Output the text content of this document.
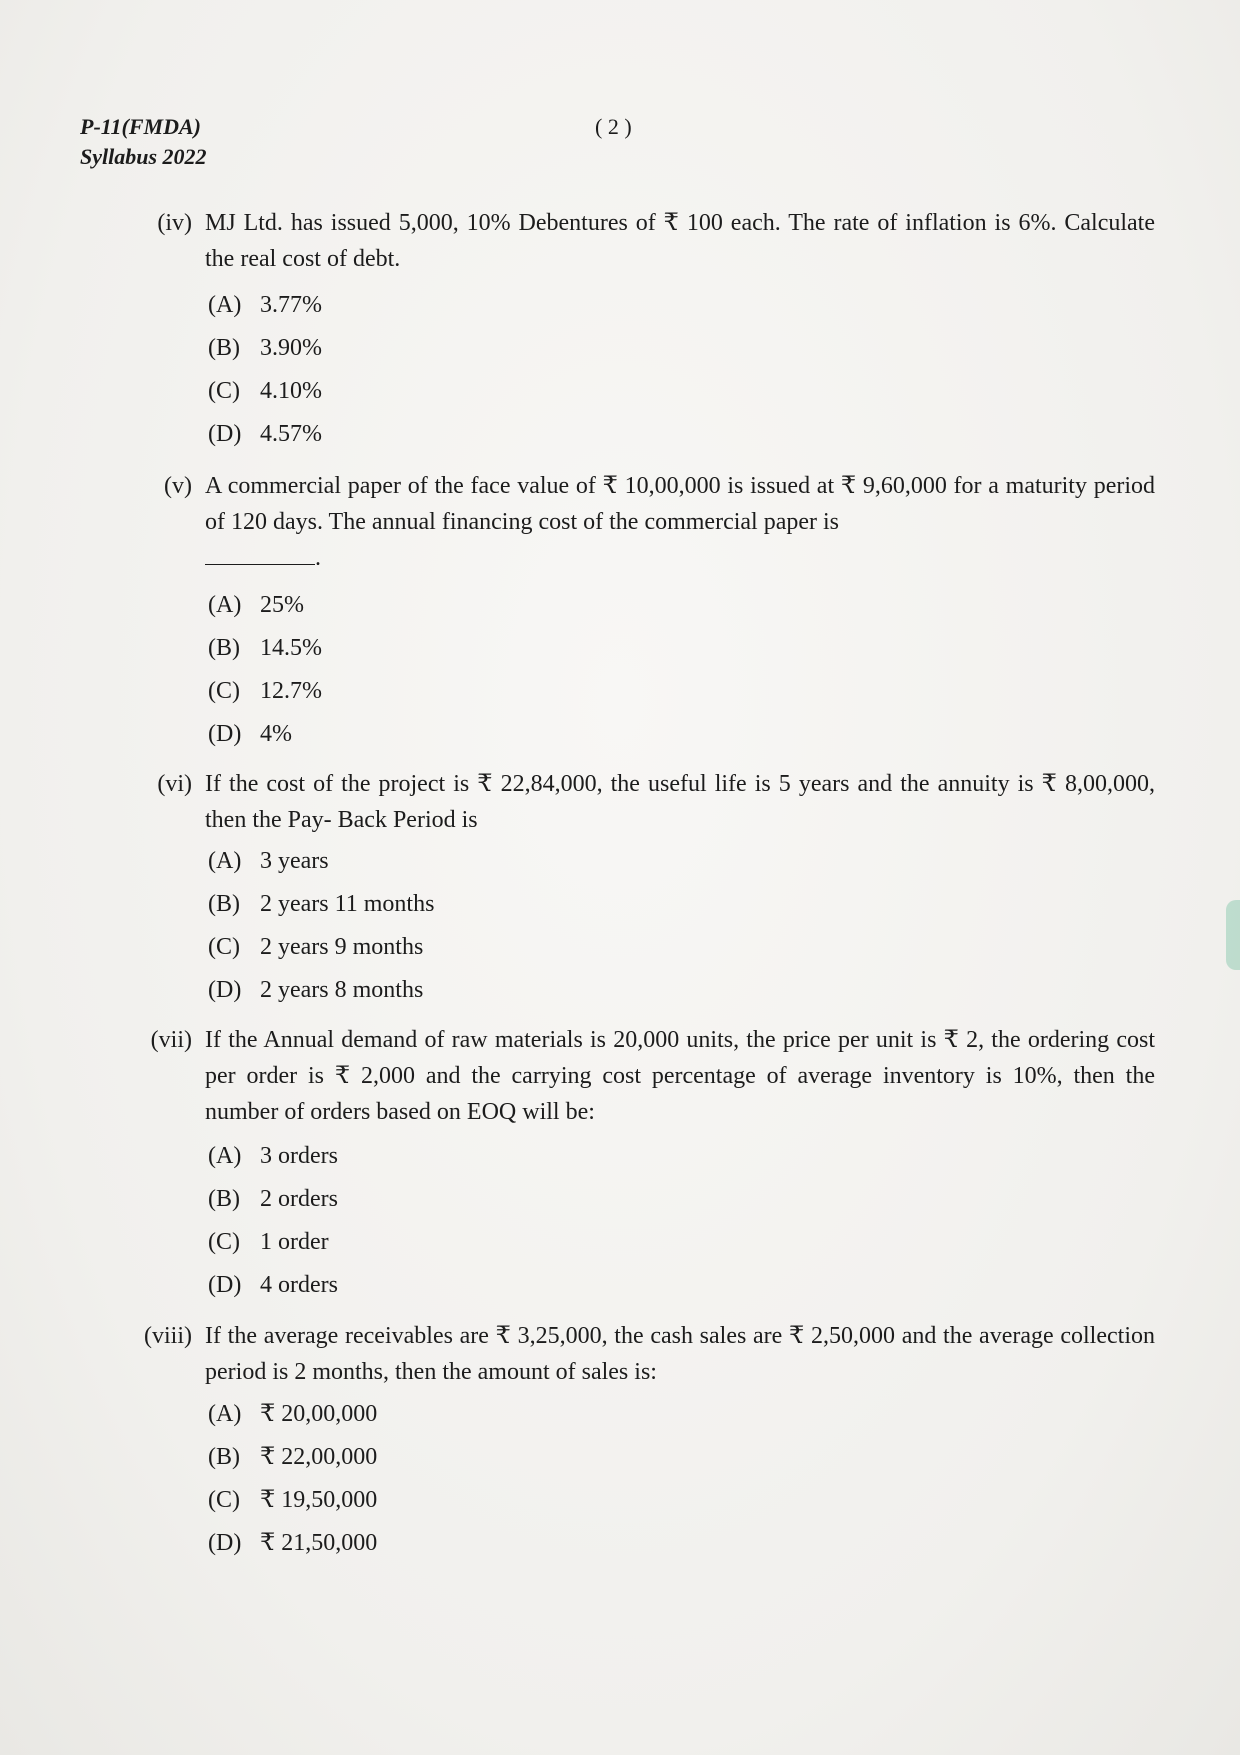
P-11(FMDA)
Syllabus 2022
( 2 )
(iv) MJ Ltd. has issued 5,000, 10% Debentures of ₹ 100 each. The rate of inflation is 6%. Calculate the real cost of debt.
(A) 3.77%
(B) 3.90%
(C) 4.10%
(D) 4.57%
(v) A commercial paper of the face value of ₹ 10,00,000 is issued at ₹ 9,60,000 for a maturity period of 120 days. The annual financing cost of the commercial paper is
.
(A) 25%
(B) 14.5%
(C) 12.7%
(D) 4%
(vi) If the cost of the project is ₹ 22,84,000, the useful life is 5 years and the annuity is ₹ 8,00,000, then the Pay- Back Period is
(A) 3 years
(B) 2 years 11 months
(C) 2 years 9 months
(D) 2 years 8 months
(vii) If the Annual demand of raw materials is 20,000 units, the price per unit is ₹ 2, the ordering cost per order is ₹ 2,000 and the carrying cost percentage of average inventory is 10%, then the number of orders based on EOQ will be:
(A) 3 orders
(B) 2 orders
(C) 1 order
(D) 4 orders
(viii) If the average receivables are ₹ 3,25,000, the cash sales are ₹ 2,50,000 and the average collection period is 2 months, then the amount of sales is:
(A) ₹ 20,00,000
(B) ₹ 22,00,000
(C) ₹ 19,50,000
(D) ₹ 21,50,000
